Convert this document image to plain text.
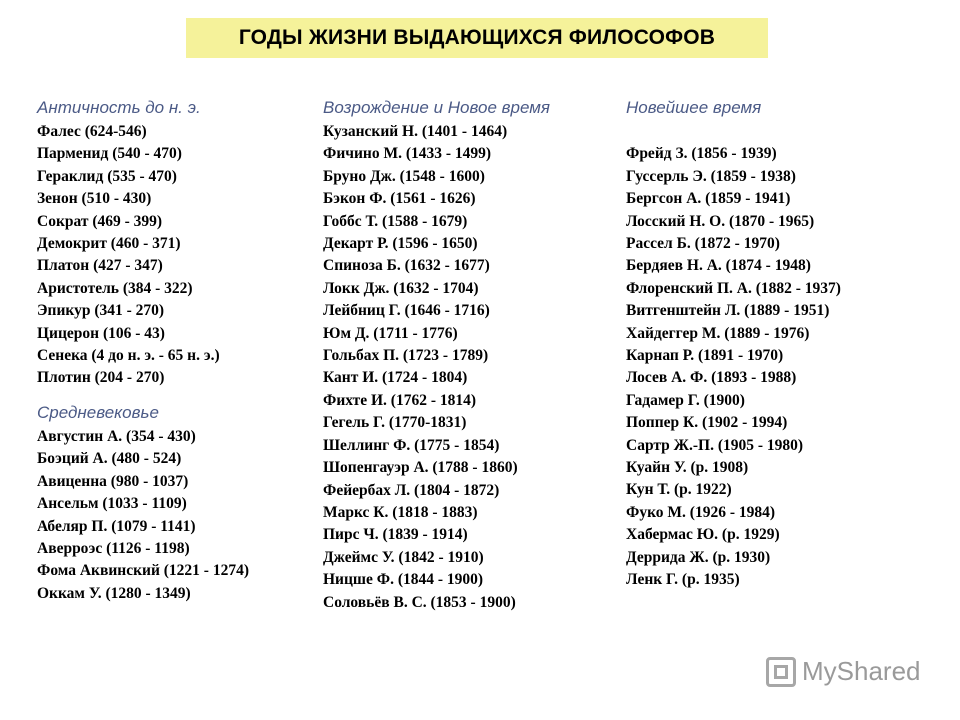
ГОДЫ ЖИЗНИ ВЫДАЮЩИХСЯ ФИЛОСОФОВ
Античность до н. э.
Фалес (624-546)
Парменид (540 - 470)
Гераклид (535 - 470)
Зенон (510 - 430)
Сократ (469 - 399)
Демокрит (460 - 371)
Платон (427 - 347)
Аристотель (384 - 322)
Эпикур (341 - 270)
Цицерон (106 - 43)
Сенека (4 до н. э. - 65 н. э.)
Плотин (204 - 270)
Средневековье
Августин А. (354 - 430)
Боэций А. (480 - 524)
Авиценна (980 - 1037)
Ансельм (1033 - 1109)
Абеляр П. (1079 - 1141)
Аверроэс (1126 - 1198)
Фома Аквинский (1221 - 1274)
Оккам У. (1280 - 1349)
Возрождение и Новое время
Кузанский Н. (1401 - 1464)
Фичино М. (1433 - 1499)
Бруно Дж. (1548 - 1600)
Бэкон Ф. (1561 - 1626)
Гоббс Т. (1588 - 1679)
Декарт Р. (1596 - 1650)
Спиноза Б. (1632 - 1677)
Локк Дж. (1632 - 1704)
Лейбниц Г. (1646 - 1716)
Юм Д. (1711 - 1776)
Гольбах П. (1723 - 1789)
Кант И. (1724 - 1804)
Фихте И. (1762 - 1814)
Гегель Г. (1770-1831)
Шеллинг Ф. (1775 - 1854)
Шопенгауэр А. (1788 - 1860)
Фейербах Л. (1804 - 1872)
Маркс К. (1818 - 1883)
Пирс Ч. (1839 - 1914)
Джеймс У. (1842 - 1910)
Ницше Ф. (1844 - 1900)
Соловьёв В. С. (1853 - 1900)
Новейшее время
Фрейд З. (1856 - 1939)
Гуссерль Э. (1859 - 1938)
Бергсон А. (1859 - 1941)
Лосский Н. О. (1870 - 1965)
Рассел Б. (1872 - 1970)
Бердяев Н. А. (1874 - 1948)
Флоренский П. А. (1882 - 1937)
Витгенштейн Л. (1889 - 1951)
Хайдеггер М. (1889 - 1976)
Карнап Р. (1891 - 1970)
Лосев А. Ф. (1893 - 1988)
Гадамер Г. (1900)
Поппер К. (1902 - 1994)
Сартр Ж.-П. (1905 - 1980)
Куайн У. (р. 1908)
Кун Т. (р. 1922)
Фуко М. (1926 - 1984)
Хабермас Ю. (р. 1929)
Деррида Ж. (р. 1930)
Ленк Г. (р. 1935)
MyShared
